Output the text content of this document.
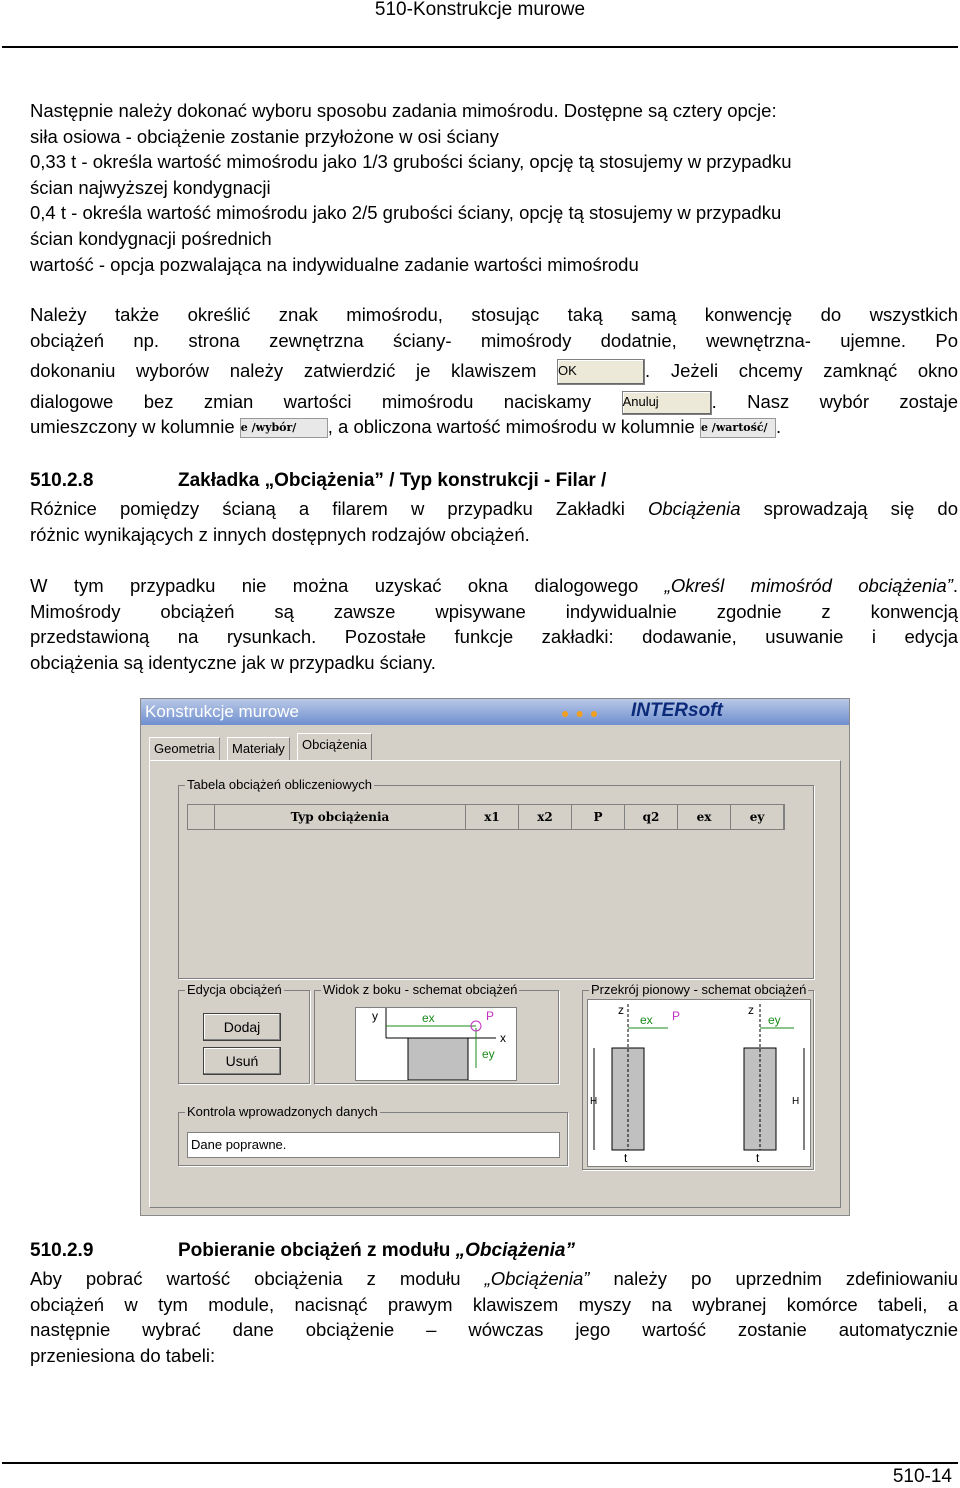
510-Konstrukcje murowe
Następnie należy dokonać wyboru sposobu zadania mimośrodu. Dostępne są cztery opcje:
siła osiowa - obciążenie zostanie przyłożone w osi ściany
0,33 t - określa wartość mimośrodu jako 1/3 grubości ściany, opcję tą stosujemy w przypadku
ścian najwyższej kondygnacji
0,4 t - określa wartość mimośrodu jako 2/5 grubości ściany, opcję tą stosujemy w przypadku
ścian kondygnacji pośrednich
wartość - opcja pozwalająca na indywidualne zadanie wartości mimośrodu
Należy także określić znak mimośrodu, stosując taką samą konwencję do wszystkich
obciążeń np. strona zewnętrzna ściany- mimośrody dodatnie, wewnętrzna- ujemne. Po
dokonaniu wyborów należy zatwierdzić je klawiszem OK	. Jeżeli chcemy zamknąć okno
dialogowe bez zmian wartości mimośrodu naciskamy Anuluj	. Nasz wybór zostaje
umieszczony w kolumnie e /wybór/ , a obliczona wartość mimośrodu w kolumnie e /wartość/ .
510.2.8	Zakładka „Obciążenia” / Typ konstrukcji - Filar /
Różnice pomiędzy ścianą a filarem w przypadku Zakładki Obciążenia sprowadzają się do
różnic wynikających z innych dostępnych rodzajów obciążeń.
W tym przypadku nie można uzyskać okna dialogowego „Określ mimośród obciążenia”.
Mimośrody obciążeń są zawsze wpisywane indywidualnie zgodnie z konwencją
przedstawioną na rysunkach. Pozostałe funkcje zakładki: dodawanie, usuwanie i edycja
obciążenia są identyczne jak w przypadku ściany.
Konstrukcje murowe	●●● INTERsoft
Geometria	Materiały	Obciążenia
Tabela obciążeń obliczeniowych
Typ obciążenia	x1	x2	P	q2	ex	ey
Edycja obciążeń
Dodaj
Usuń
Widok z boku - schemat obciążeń
y
x
ex
ey
P
Przekrój pionowy - schemat obciążeń
z	z
ex	ey
P
H	H
t	t
Kontrola wprowadzonych danych
Dane poprawne.
510.2.9	Pobieranie obciążeń z modułu „Obciążenia”
Aby pobrać wartość obciążenia z modułu „Obciążenia” należy po uprzednim zdefiniowaniu
obciążeń w tym module, nacisnąć prawym klawiszem myszy na wybranej komórce tabeli, a
następnie wybrać dane obciążenie – wówczas jego wartość zostanie automatycznie
przeniesiona do tabeli:
510-14
